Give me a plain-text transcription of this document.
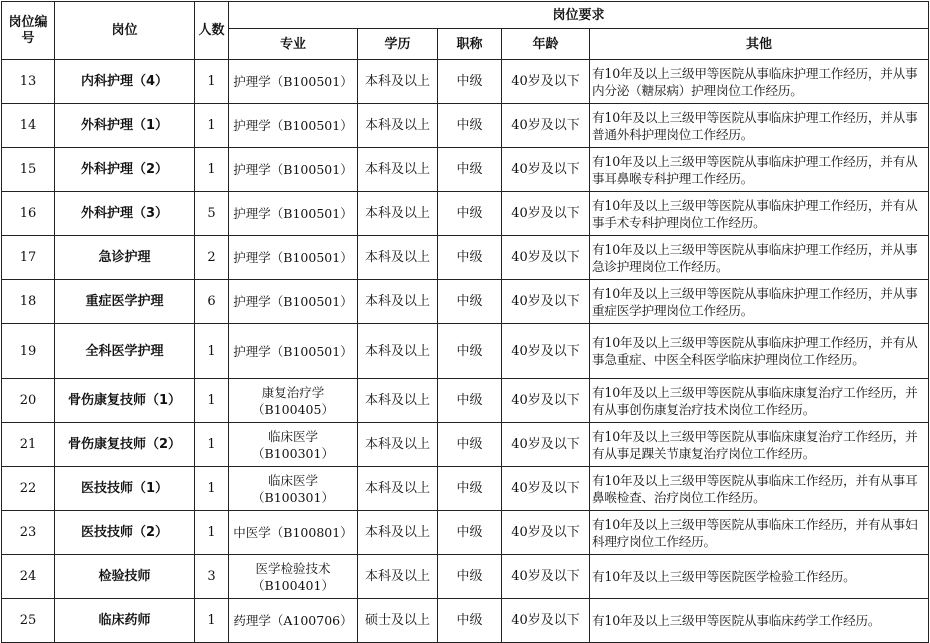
岗位编号	岗位	人数	岗位要求				
			专业	学历	职称	年龄	其他
13	内科护理（4）	1	护理学（B100501）	本科及以上	中级	40岁及以下	有10年及以上三级甲等医院从事临床护理工作经历，并从事内分泌（糖尿病）护理岗位工作经历。
14	外科护理（1）	1	护理学（B100501）	本科及以上	中级	40岁及以下	有10年及以上三级甲等医院从事临床护理工作经历，并从事普通外科护理岗位工作经历。
15	外科护理（2）	1	护理学（B100501）	本科及以上	中级	40岁及以下	有10年及以上三级甲等医院从事临床护理工作经历，并有从事耳鼻喉专科护理工作经历。
16	外科护理（3）	5	护理学（B100501）	本科及以上	中级	40岁及以下	有10年及以上三级甲等医院从事临床护理工作经历，并有从事手术专科护理岗位工作经历。
17	急诊护理	2	护理学（B100501）	本科及以上	中级	40岁及以下	有10年及以上三级甲等医院从事临床护理工作经历，并从事急诊护理岗位工作经历。
18	重症医学护理	6	护理学（B100501）	本科及以上	中级	40岁及以下	有10年及以上三级甲等医院从事临床护理工作经历，并从事重症医学护理岗位工作经历。
19	全科医学护理	1	护理学（B100501）	本科及以上	中级	40岁及以下	有10年及以上三级甲等医院从事临床护理工作经历，并有从事急重症、中医全科医学临床护理岗位工作经历。
20	骨伤康复技师（1）	1	康复治疗学（B100405）	本科及以上	中级	40岁及以下	有10年及以上三级甲等医院从事临床康复治疗工作经历，并有从事创伤康复治疗技术岗位工作经历。
21	骨伤康复技师（2）	1	临床医学（B100301）	本科及以上	中级	40岁及以下	有10年及以上三级甲等医院从事临床康复治疗工作经历，并有从事足踝关节康复治疗岗位工作经历。
22	医技技师（1）	1	临床医学（B100301）	本科及以上	中级	40岁及以下	有10年及以上三级甲等医院从事临床工作经历，并有从事耳鼻喉检查、治疗岗位工作经历。
23	医技技师（2）	1	中医学（B100801）	本科及以上	中级	40岁及以下	有10年及以上三级甲等医院从事临床工作经历，并有从事妇科理疗岗位工作经历。
24	检验技师	3	医学检验技术（B100401）	本科及以上	中级	40岁及以下	有10年及以上三级甲等医院医学检验工作经历。
25	临床药师	1	药理学（A100706）	硕士及以上	中级	40岁及以下	有10年及以上三级甲等医院从事临床药学工作经历。
